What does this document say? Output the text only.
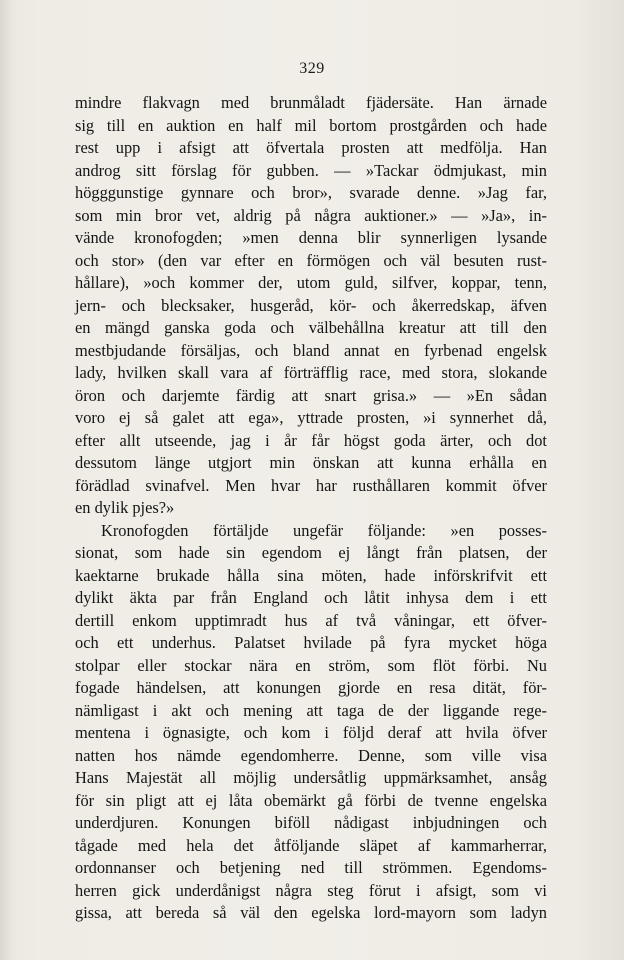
329
mindre flakvagn med brunmåladt fjädersäte. Han ärnade
sig till en auktion en half mil bortom prostgården och hade
rest upp i afsigt att öfvertala prosten att medfölja. Han
androg sitt förslag för gubben. — »Tackar ödmjukast, min
högggunstige gynnare och bror», svarade denne. »Jag far,
som min bror vet, aldrig på några auktioner.» — »Ja», in-
vände kronofogden; »men denna blir synnerligen lysande
och stor» (den var efter en förmögen och väl besuten rust-
hållare), »och kommer der, utom guld, silfver, koppar, tenn,
jern- och blecksaker, husgeråd, kör- och åkerredskap, äfven
en mängd ganska goda och välbehållna kreatur att till den
mestbjudande försäljas, och bland annat en fyrbenad engelsk
lady, hvilken skall vara af förträfflig race, med stora, slokande
öron och darjemte färdig att snart grisa.» — »En sådan
voro ej så galet att ega», yttrade prosten, »i synnerhet då,
efter allt utseende, jag i år får högst goda ärter, och dot
dessutom länge utgjort min önskan att kunna erhålla en
förädlad svinafvel. Men hvar har rusthållaren kommit öfver
en dylik pjes?»
Kronofogden förtäljde ungefär följande: »en posses-
sionat, som hade sin egendom ej långt från platsen, der
kaektarne brukade hålla sina möten, hade införskrifvit ett
dylikt äkta par från England och låtit inhysa dem i ett
dertill enkom upptimradt hus af två våningar, ett öfver-
och ett underhus. Palatset hvilade på fyra mycket höga
stolpar eller stockar nära en ström, som flöt förbi. Nu
fogade händelsen, att konungen gjorde en resa dität, för-
nämligast i akt och mening att taga de der liggande rege-
mentena i ögnasigte, och kom i följd deraf att hvila öfver
natten hos nämde egendomherre. Denne, som ville visa
Hans Majestät all möjlig undersåtlig uppmärksamhet, ansåg
för sin pligt att ej låta obemärkt gå förbi de tvenne engelska
underdjuren. Konungen biföll nådigast inbjudningen och
tågade med hela det åtföljande släpet af kammarherrar,
ordonnanser och betjening ned till strömmen. Egendoms-
herren gick underdånigst några steg förut i afsigt, som vi
gissa, att bereda så väl den egelska lord-mayorn som ladyn
